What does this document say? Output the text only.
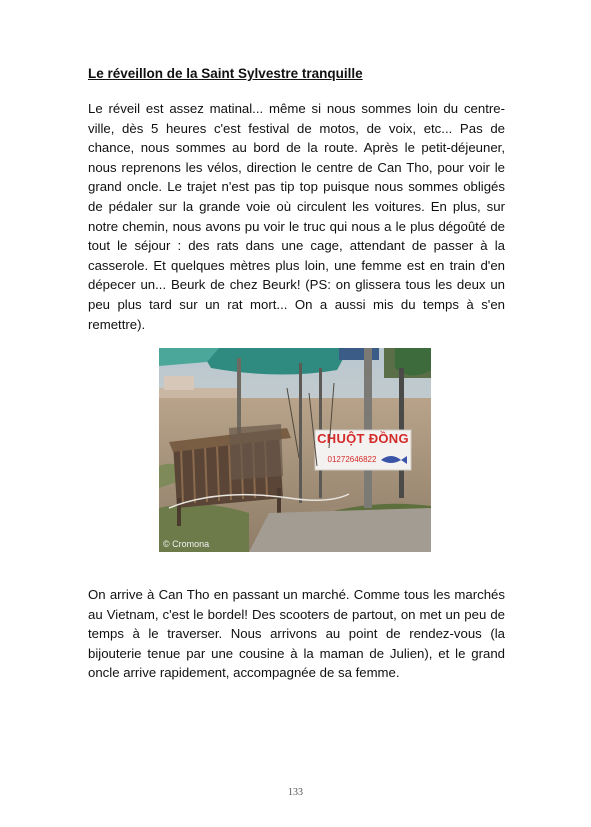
Le réveillon de la Saint Sylvestre tranquille

Le réveil est assez matinal... même si nous sommes loin du centre-ville, dès 5 heures c'est festival de motos, de voix, etc... Pas de chance, nous sommes au bord de la route. Après le petit-déjeuner, nous reprenons les vélos, direction le centre de Can Tho, pour voir le grand oncle. Le trajet n'est pas tip top puisque nous sommes obligés de pédaler sur la grande voie où circulent les voitures. En plus, sur notre chemin, nous avons pu voir le truc qui nous a le plus dégoûté de tout le séjour : des rats dans une cage, attendant de passer à la casserole. Et quelques mètres plus loin, une femme est en train d'en dépecer un... Beurk de chez Beurk! (PS: on glissera tous les deux un peu plus tard sur un rat mort... On a aussi mis du temps à s'en remettre).

CHUỘT ĐỒNG
01272646822
© Cromona

On arrive à Can Tho en passant un marché. Comme tous les marchés au Vietnam, c'est le bordel! Des scooters de partout, on met un peu de temps à le traverser. Nous arrivons au point de rendez-vous (la bijouterie tenue par une cousine à la maman de Julien), et le grand oncle arrive rapidement, accompagnée de sa femme.

133
